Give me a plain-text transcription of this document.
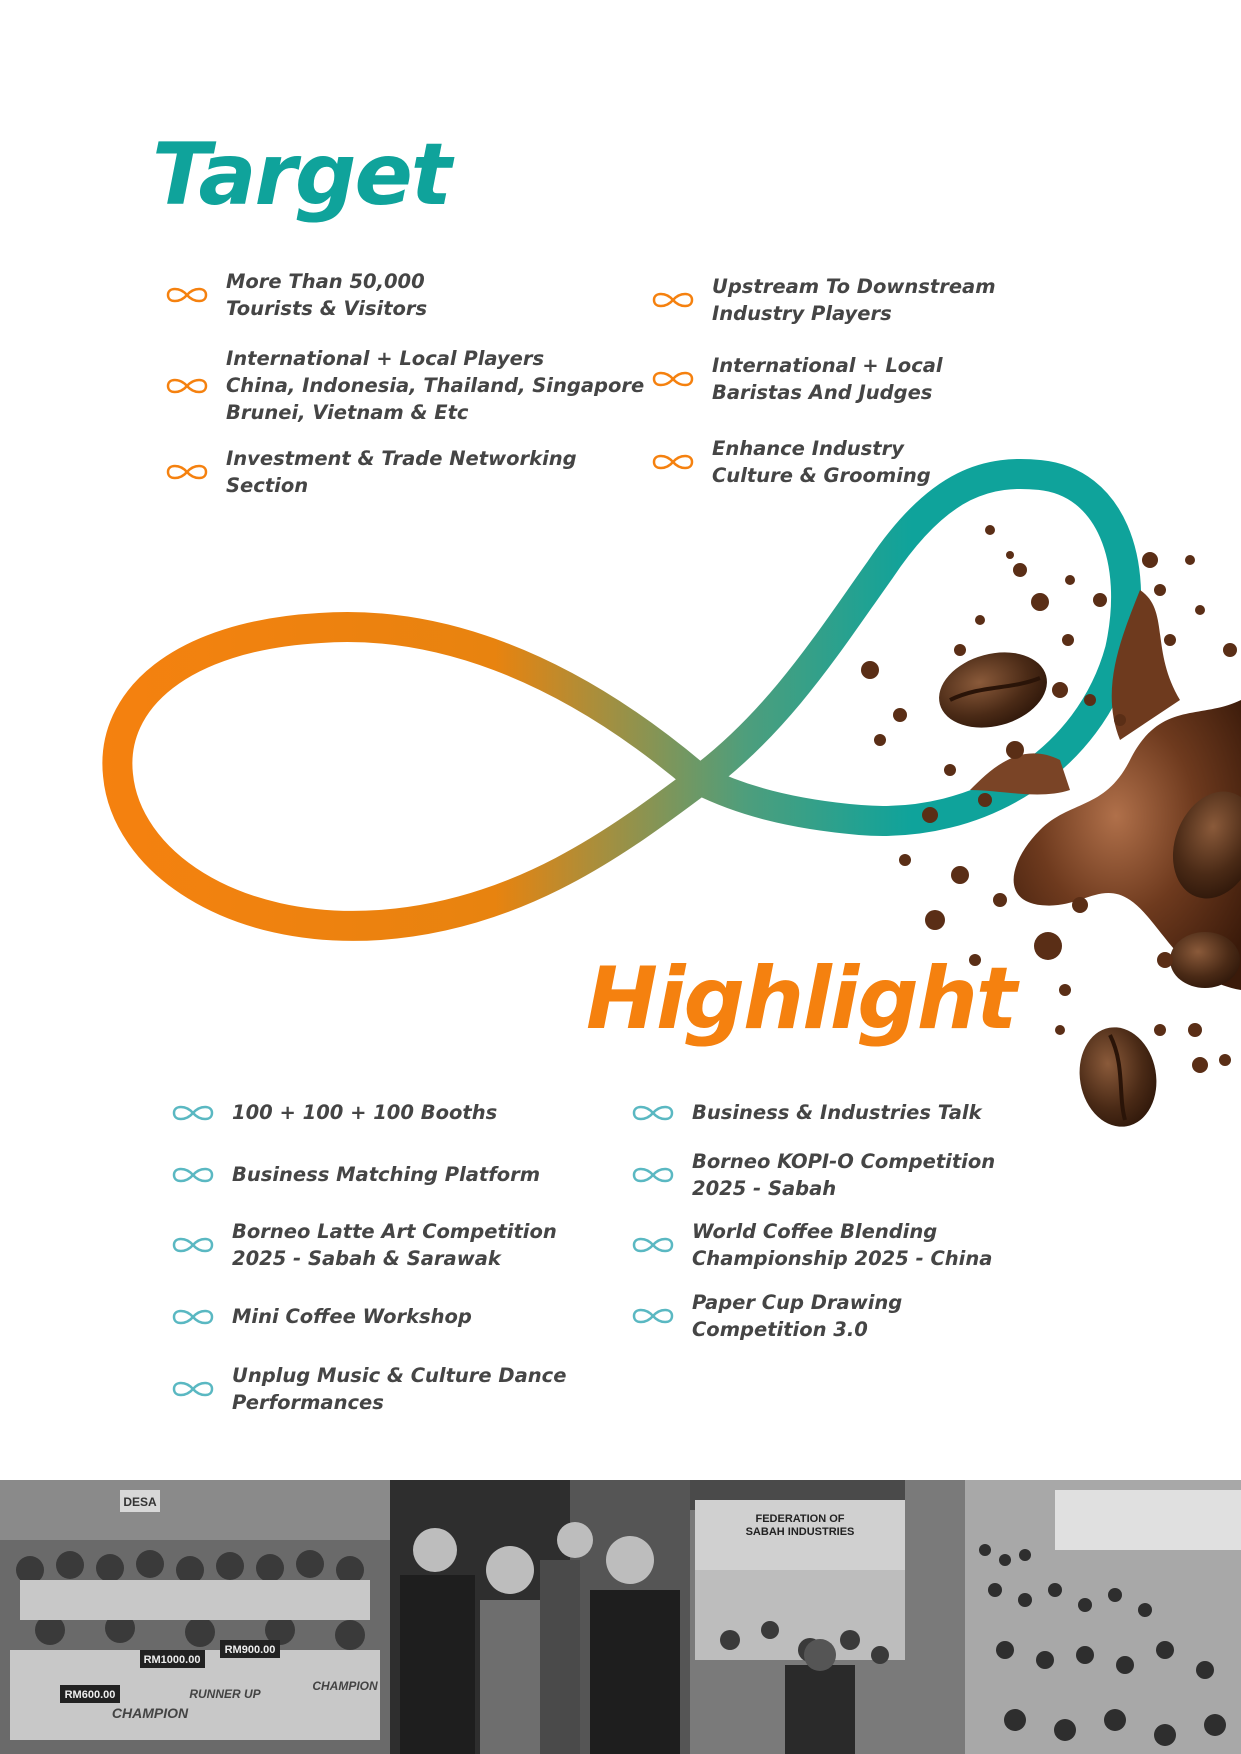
Target
Highlight
More Than 50,000
Tourists & Visitors
International + Local Players
China, Indonesia, Thailand, Singapore
Brunei, Vietnam & Etc
Investment & Trade Networking
Section
Upstream To Downstream
Industry Players
International + Local
Baristas And Judges
Enhance Industry
Culture & Grooming
100 + 100 + 100 Booths
Business Matching Platform
Borneo Latte Art Competition
2025 - Sabah & Sarawak
Mini Coffee Workshop
Unplug Music & Culture Dance
Performances
Business & Industries Talk
Borneo KOPI-O Competition
2025 - Sabah
World Coffee Blending
Championship 2025 - China
Paper Cup Drawing
Competition 3.0
DESA
RM1000.00
RM900.00
RM600.00
CHAMPION
RUNNER UP
CHAMPION
FEDERATION OF SABAH INDUSTRIES
